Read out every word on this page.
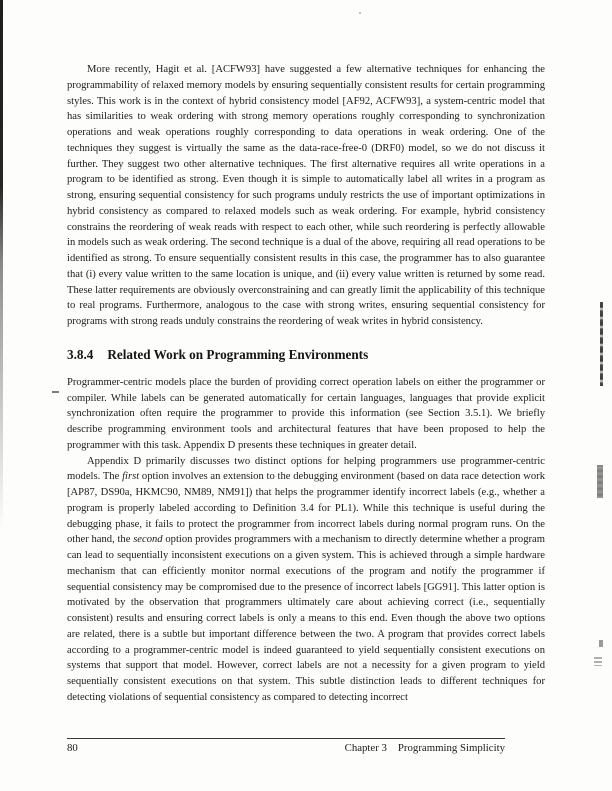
More recently, Hagit et al. [ACFW93] have suggested a few alternative techniques for enhancing the programmability of relaxed memory models by ensuring sequentially consistent results for certain programming styles. This work is in the context of hybrid consistency model [AF92, ACFW93], a system-centric model that has similarities to weak ordering with strong memory operations roughly corresponding to synchronization operations and weak operations roughly corresponding to data operations in weak ordering. One of the techniques they suggest is virtually the same as the data-race-free-0 (DRF0) model, so we do not discuss it further. They suggest two other alternative techniques. The first alternative requires all write operations in a program to be identified as strong. Even though it is simple to automatically label all writes in a program as strong, ensuring sequential consistency for such programs unduly restricts the use of important optimizations in hybrid consistency as compared to relaxed models such as weak ordering. For example, hybrid consistency constrains the reordering of weak reads with respect to each other, while such reordering is perfectly allowable in models such as weak ordering. The second technique is a dual of the above, requiring all read operations to be identified as strong. To ensure sequentially consistent results in this case, the programmer has to also guarantee that (i) every value written to the same location is unique, and (ii) every value written is returned by some read. These latter requirements are obviously overconstraining and can greatly limit the applicability of this technique to real programs. Furthermore, analogous to the case with strong writes, ensuring sequential consistency for programs with strong reads unduly constrains the reordering of weak writes in hybrid consistency.

3.8.4 Related Work on Programming Environments

Programmer-centric models place the burden of providing correct operation labels on either the programmer or compiler. While labels can be generated automatically for certain languages, languages that provide explicit synchronization often require the programmer to provide this information (see Section 3.5.1). We briefly describe programming environment tools and architectural features that have been proposed to help the programmer with this task. Appendix D presents these techniques in greater detail.

Appendix D primarily discusses two distinct options for helping programmers use programmer-centric models. The first option involves an extension to the debugging environment (based on data race detection work [AP87, DS90a, HKMC90, NM89, NM91]) that helps the programmer identify incorrect labels (e.g., whether a program is properly labeled according to Definition 3.4 for PL1). While this technique is useful during the debugging phase, it fails to protect the programmer from incorrect labels during normal program runs. On the other hand, the second option provides programmers with a mechanism to directly determine whether a program can lead to sequentially inconsistent executions on a given system. This is achieved through a simple hardware mechanism that can efficiently monitor normal executions of the program and notify the programmer if sequential consistency may be compromised due to the presence of incorrect labels [GG91]. This latter option is motivated by the observation that programmers ultimately care about achieving correct (i.e., sequentially consistent) results and ensuring correct labels is only a means to this end. Even though the above two options are related, there is a subtle but important difference between the two. A program that provides correct labels according to a programmer-centric model is indeed guaranteed to yield sequentially consistent executions on systems that support that model. However, correct labels are not a necessity for a given program to yield sequentially consistent executions on that system. This subtle distinction leads to different techniques for detecting violations of sequential consistency as compared to detecting incorrect

80	Chapter 3 Programming Simplicity
